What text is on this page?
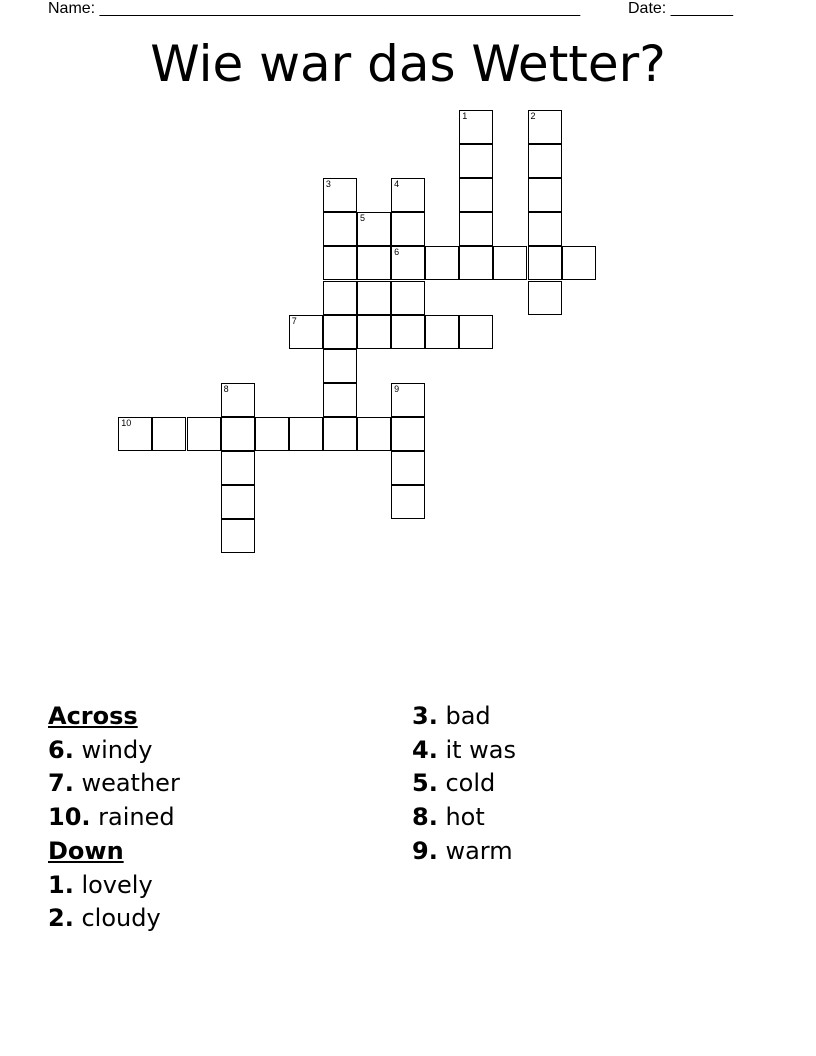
Name: ______________________________________________________	Date: _______
Wie war das Wetter?
1	2
3	4
5
6
7
8	9
10
Across
6. windy
7. weather
10. rained
Down
1. lovely
2. cloudy
3. bad
4. it was
5. cold
8. hot
9. warm
